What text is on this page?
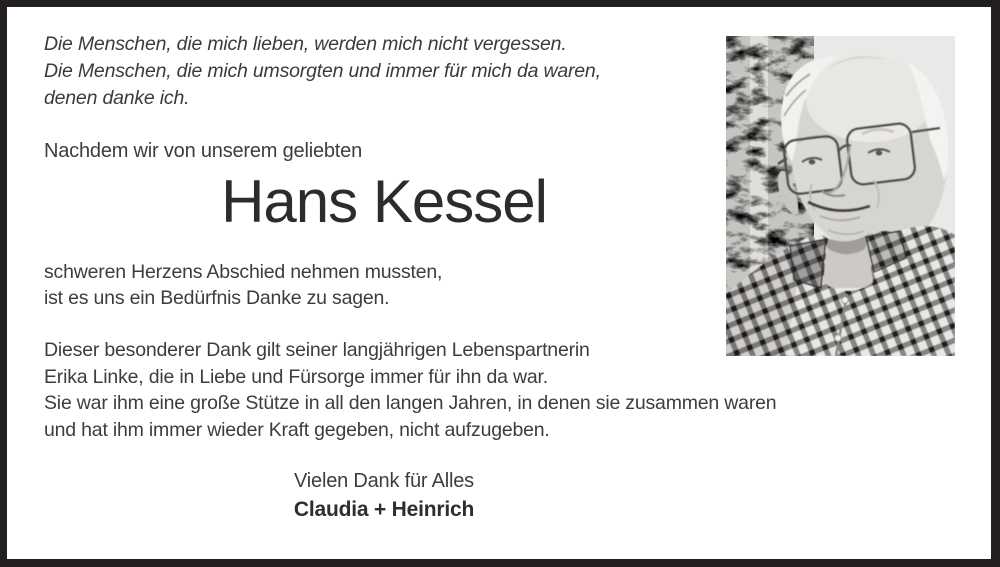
Die Menschen, die mich lieben, werden mich nicht vergessen.
Die Menschen, die mich umsorgten und immer für mich da waren,
denen danke ich.
Nachdem wir von unserem geliebten
Hans Kessel
schweren Herzens Abschied nehmen mussten,
ist es uns ein Bedürfnis Danke zu sagen.
Dieser besonderer Dank gilt seiner langjährigen Lebenspartnerin
Erika Linke, die in Liebe und Fürsorge immer für ihn da war.
Sie war ihm eine große Stütze in all den langen Jahren, in denen sie zusammen waren
und hat ihm immer wieder Kraft gegeben, nicht aufzugeben.
Vielen Dank für Alles
Claudia + Heinrich
